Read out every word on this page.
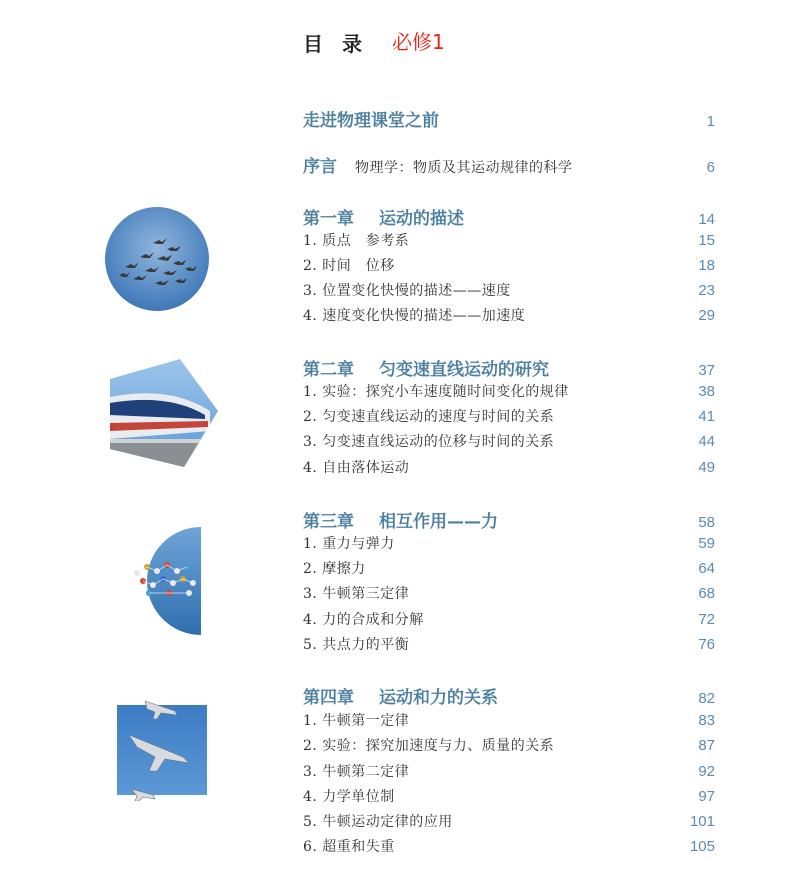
目 录 必修1
走进物理课堂之前	1
序言 物理学：物质及其运动规律的科学	6
第一章 运动的描述	14
1. 质点　参考系	15
2. 时间　位移	18
3. 位置变化快慢的描述——速度	23
4. 速度变化快慢的描述——加速度	29
第二章 匀变速直线运动的研究	37
1. 实验：探究小车速度随时间变化的规律	38
2. 匀变速直线运动的速度与时间的关系	41
3. 匀变速直线运动的位移与时间的关系	44
4. 自由落体运动	49
第三章 相互作用——力	58
1. 重力与弹力	59
2. 摩擦力	64
3. 牛顿第三定律	68
4. 力的合成和分解	72
5. 共点力的平衡	76
第四章 运动和力的关系	82
1. 牛顿第一定律	83
2. 实验：探究加速度与力、质量的关系	87
3. 牛顿第二定律	92
4. 力学单位制	97
5. 牛顿运动定律的应用	101
6. 超重和失重	105
